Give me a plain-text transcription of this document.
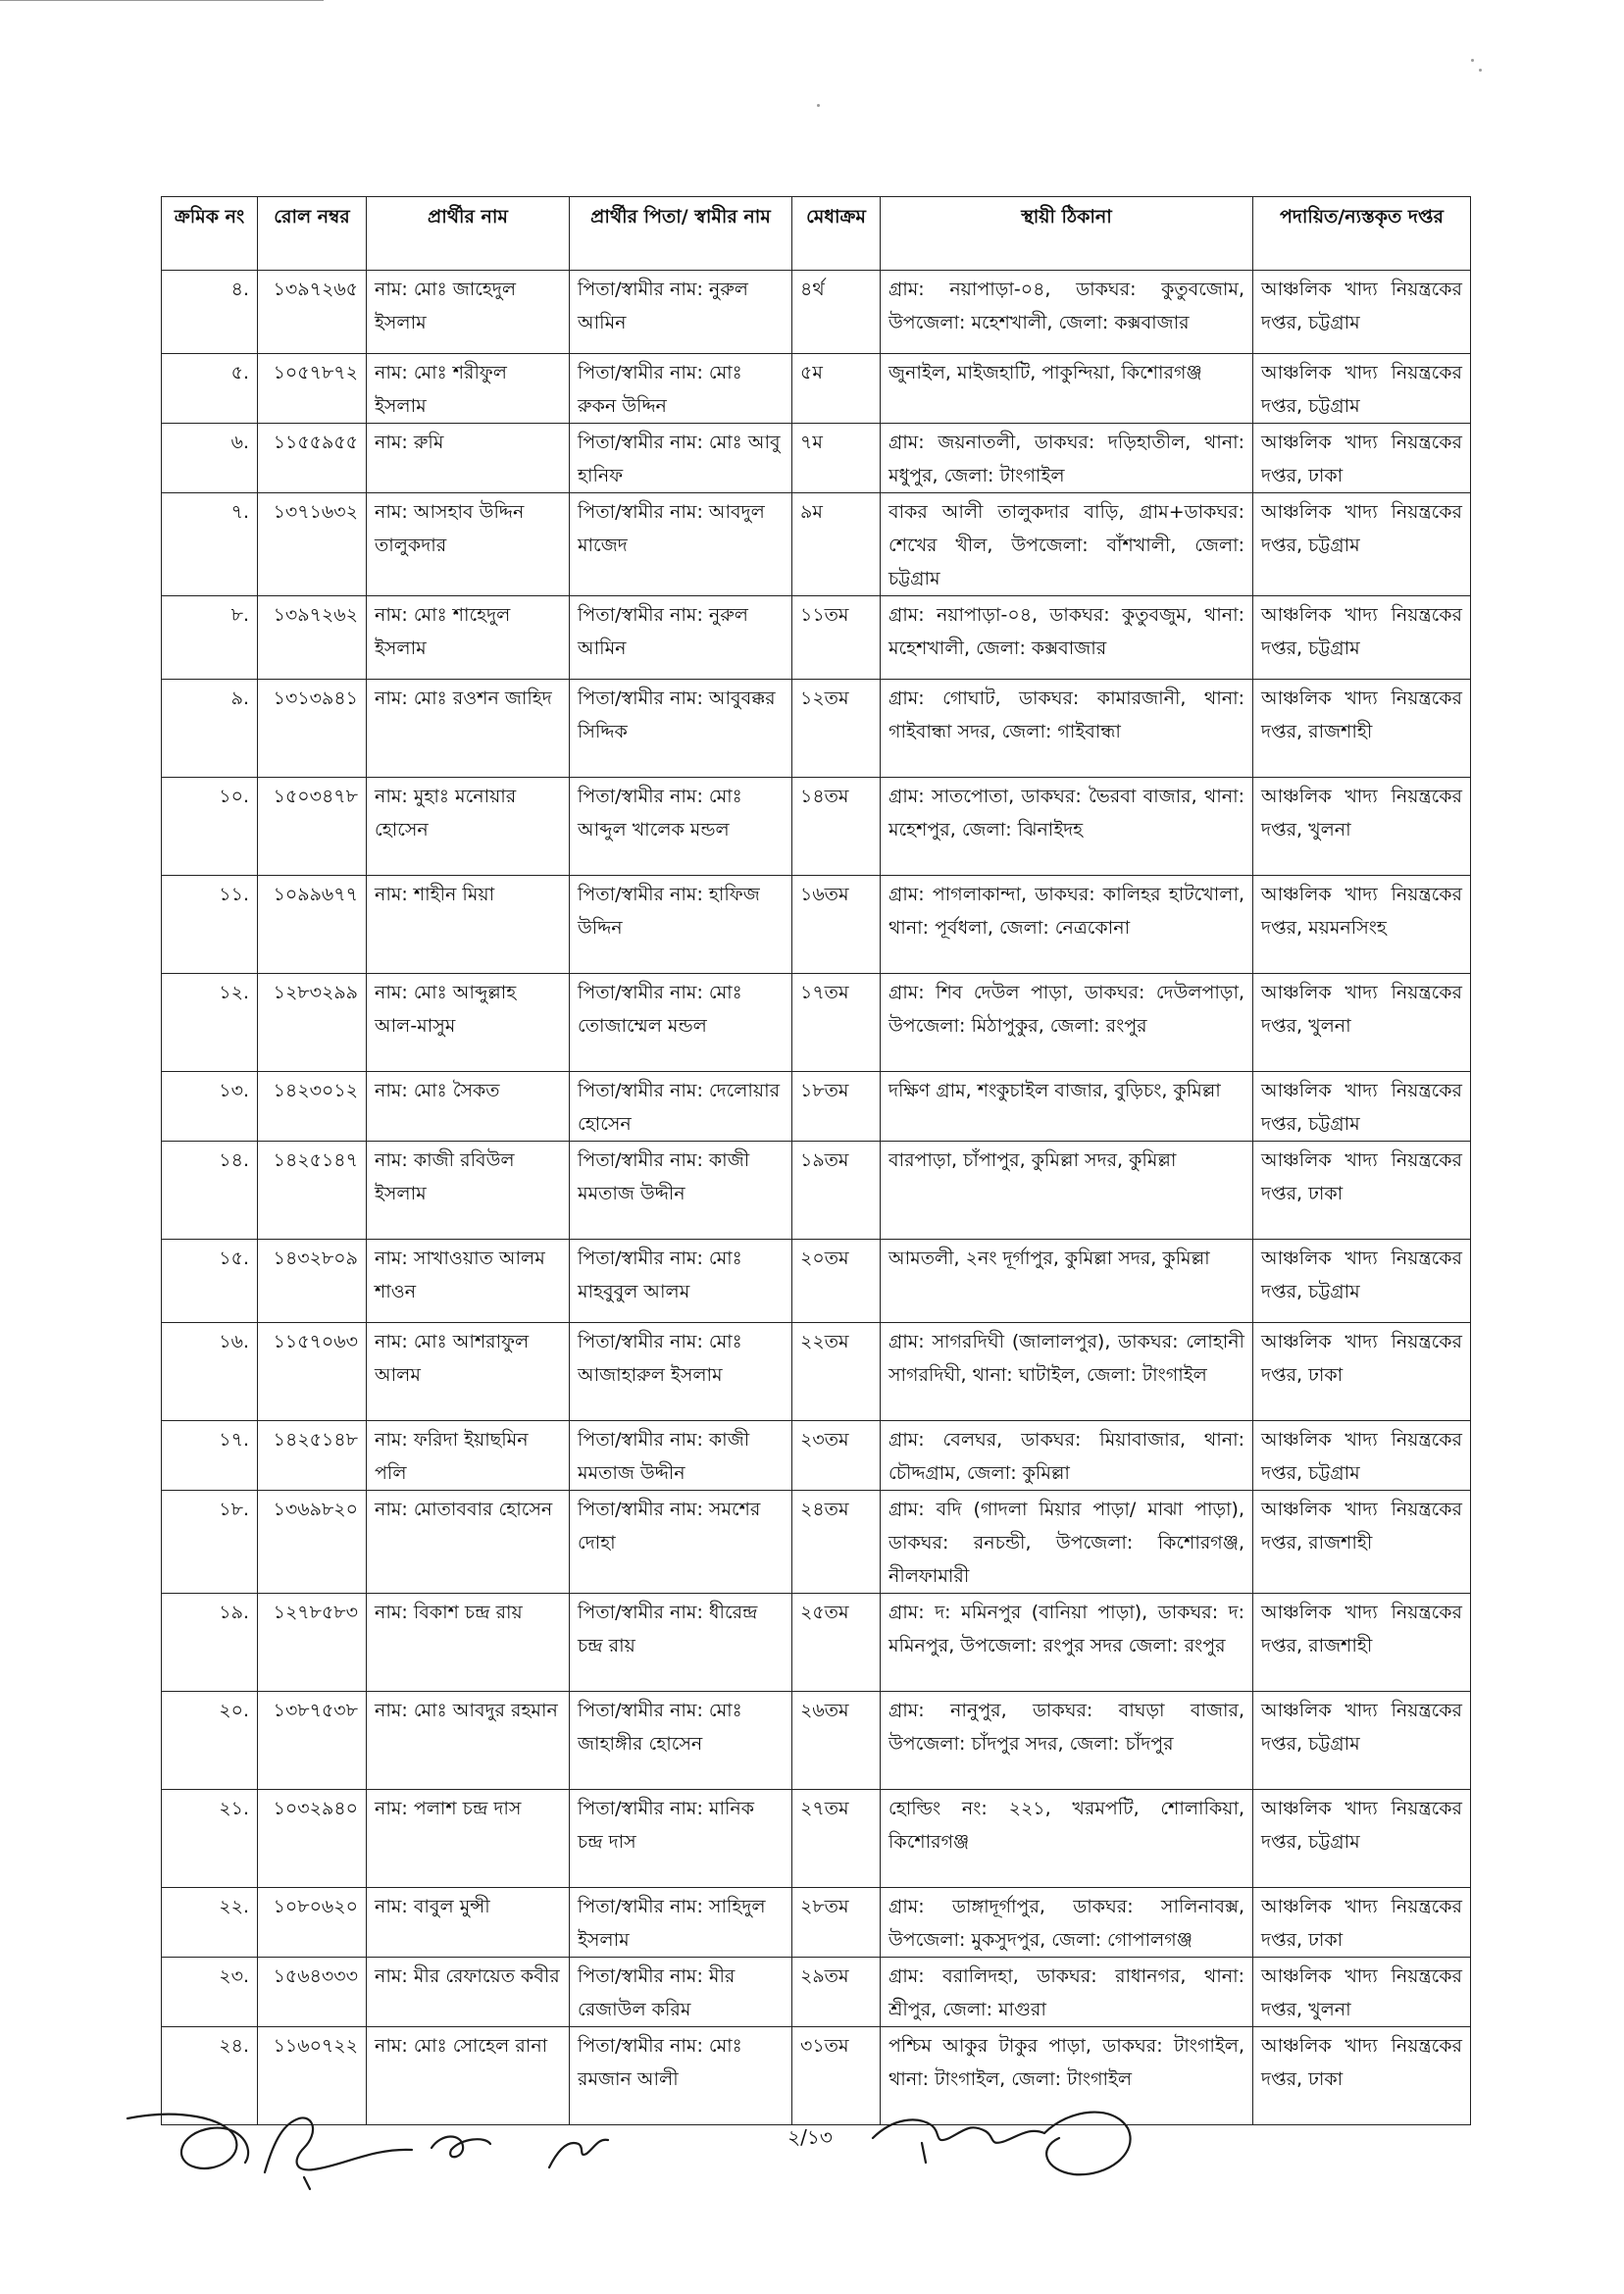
ক্রমিক নং	রোল নম্বর	প্রার্থীর নাম	প্রার্থীর পিতা/ স্বামীর নাম	মেধাক্রম	স্থায়ী ঠিকানা	পদায়িত/ন্যস্তকৃত দপ্তর
৪.	১৩৯৭২৬৫	নাম: মোঃ জাহেদুল ইসলাম	পিতা/স্বামীর নাম: নুরুল আমিন	৪র্থ	গ্রাম: নয়াপাড়া-০৪, ডাকঘর: কুতুবজোম, উপজেলা: মহেশখালী, জেলা: কক্সবাজার	আঞ্চলিক খাদ্য নিয়ন্ত্রকের দপ্তর, চট্টগ্রাম
৫.	১০৫৭৮৭২	নাম: মোঃ শরীফুল ইসলাম	পিতা/স্বামীর নাম: মোঃ রুকন উদ্দিন	৫ম	জুনাইল, মাইজহাটি, পাকুন্দিয়া, কিশোরগঞ্জ	আঞ্চলিক খাদ্য নিয়ন্ত্রকের দপ্তর, চট্টগ্রাম
৬.	১১৫৫৯৫৫	নাম: রুমি	পিতা/স্বামীর নাম: মোঃ আবু হানিফ	৭ম	গ্রাম: জয়নাতলী, ডাকঘর: দড়িহাতীল, থানা: মধুপুর, জেলা: টাংগাইল	আঞ্চলিক খাদ্য নিয়ন্ত্রকের দপ্তর, ঢাকা
৭.	১৩৭১৬৩২	নাম: আসহাব উদ্দিন তালুকদার	পিতা/স্বামীর নাম: আবদুল মাজেদ	৯ম	বাকর আলী তালুকদার বাড়ি, গ্রাম+ডাকঘর: শেখের খীল, উপজেলা: বাঁশখালী, জেলা: চট্টগ্রাম	আঞ্চলিক খাদ্য নিয়ন্ত্রকের দপ্তর, চট্টগ্রাম
৮.	১৩৯৭২৬২	নাম: মোঃ শাহেদুল ইসলাম	পিতা/স্বামীর নাম: নুরুল আমিন	১১তম	গ্রাম: নয়াপাড়া-০৪, ডাকঘর: কুতুবজুম, থানা: মহেশখালী, জেলা: কক্সবাজার	আঞ্চলিক খাদ্য নিয়ন্ত্রকের দপ্তর, চট্টগ্রাম
৯.	১৩১৩৯৪১	নাম: মোঃ রওশন জাহিদ	পিতা/স্বামীর নাম: আবুবক্কর সিদ্দিক	১২তম	গ্রাম: গোঘাট, ডাকঘর: কামারজানী, থানা: গাইবান্ধা সদর, জেলা: গাইবান্ধা	আঞ্চলিক খাদ্য নিয়ন্ত্রকের দপ্তর, রাজশাহী
১০.	১৫০৩৪৭৮	নাম: মুহাঃ মনোয়ার হোসেন	পিতা/স্বামীর নাম: মোঃ আব্দুল খালেক মন্ডল	১৪তম	গ্রাম: সাতপোতা, ডাকঘর: ভৈরবা বাজার, থানা: মহেশপুর, জেলা: ঝিনাইদহ	আঞ্চলিক খাদ্য নিয়ন্ত্রকের দপ্তর, খুলনা
১১.	১০৯৯৬৭৭	নাম: শাহীন মিয়া	পিতা/স্বামীর নাম: হাফিজ উদ্দিন	১৬তম	গ্রাম: পাগলাকান্দা, ডাকঘর: কালিহর হাটখোলা, থানা: পূর্বধলা, জেলা: নেত্রকোনা	আঞ্চলিক খাদ্য নিয়ন্ত্রকের দপ্তর, ময়মনসিংহ
১২.	১২৮৩২৯৯	নাম: মোঃ আব্দুল্লাহ আল-মাসুম	পিতা/স্বামীর নাম: মোঃ তোজাম্মেল মন্ডল	১৭তম	গ্রাম: শিব দেউল পাড়া, ডাকঘর: দেউলপাড়া, উপজেলা: মিঠাপুকুর, জেলা: রংপুর	আঞ্চলিক খাদ্য নিয়ন্ত্রকের দপ্তর, খুলনা
১৩.	১৪২৩০১২	নাম: মোঃ সৈকত	পিতা/স্বামীর নাম: দেলোয়ার হোসেন	১৮তম	দক্ষিণ গ্রাম, শংকুচাইল বাজার, বুড়িচং, কুমিল্লা	আঞ্চলিক খাদ্য নিয়ন্ত্রকের দপ্তর, চট্টগ্রাম
১৪.	১৪২৫১৪৭	নাম: কাজী রবিউল ইসলাম	পিতা/স্বামীর নাম: কাজী মমতাজ উদ্দীন	১৯তম	বারপাড়া, চাঁপাপুর, কুমিল্লা সদর, কুমিল্লা	আঞ্চলিক খাদ্য নিয়ন্ত্রকের দপ্তর, ঢাকা
১৫.	১৪৩২৮০৯	নাম: সাখাওয়াত আলম শাওন	পিতা/স্বামীর নাম: মোঃ মাহবুবুল আলম	২০তম	আমতলী, ২নং দূর্গাপুর, কুমিল্লা সদর, কুমিল্লা	আঞ্চলিক খাদ্য নিয়ন্ত্রকের দপ্তর, চট্টগ্রাম
১৬.	১১৫৭০৬৩	নাম: মোঃ আশরাফুল আলম	পিতা/স্বামীর নাম: মোঃ আজাহারুল ইসলাম	২২তম	গ্রাম: সাগরদিঘী (জালালপুর), ডাকঘর: লোহানী সাগরদিঘী, থানা: ঘাটাইল, জেলা: টাংগাইল	আঞ্চলিক খাদ্য নিয়ন্ত্রকের দপ্তর, ঢাকা
১৭.	১৪২৫১৪৮	নাম: ফরিদা ইয়াছমিন পলি	পিতা/স্বামীর নাম: কাজী মমতাজ উদ্দীন	২৩তম	গ্রাম: বেলঘর, ডাকঘর: মিয়াবাজার, থানা: চৌদ্দগ্রাম, জেলা: কুমিল্লা	আঞ্চলিক খাদ্য নিয়ন্ত্রকের দপ্তর, চট্টগ্রাম
১৮.	১৩৬৯৮২০	নাম: মোতাববার হোসেন	পিতা/স্বামীর নাম: সমশের দোহা	২৪তম	গ্রাম: বদি (গাদলা মিয়ার পাড়া/ মাঝা পাড়া), ডাকঘর: রনচন্ডী, উপজেলা: কিশোরগঞ্জ, নীলফামারী	আঞ্চলিক খাদ্য নিয়ন্ত্রকের দপ্তর, রাজশাহী
১৯.	১২৭৮৫৮৩	নাম: বিকাশ চন্দ্র রায়	পিতা/স্বামীর নাম: ধীরেন্দ্র চন্দ্র রায়	২৫তম	গ্রাম: দ: মমিনপুর (বানিয়া পাড়া), ডাকঘর: দ: মমিনপুর, উপজেলা: রংপুর সদর জেলা: রংপুর	আঞ্চলিক খাদ্য নিয়ন্ত্রকের দপ্তর, রাজশাহী
২০.	১৩৮৭৫৩৮	নাম: মোঃ আবদুর রহমান	পিতা/স্বামীর নাম: মোঃ জাহাঙ্গীর হোসেন	২৬তম	গ্রাম: নানুপুর, ডাকঘর: বাঘড়া বাজার, উপজেলা: চাঁদপুর সদর, জেলা: চাঁদপুর	আঞ্চলিক খাদ্য নিয়ন্ত্রকের দপ্তর, চট্টগ্রাম
২১.	১০৩২৯৪০	নাম: পলাশ চন্দ্র দাস	পিতা/স্বামীর নাম: মানিক চন্দ্র দাস	২৭তম	হোল্ডিং নং: ২২১, খরমপটি, শোলাকিয়া, কিশোরগঞ্জ	আঞ্চলিক খাদ্য নিয়ন্ত্রকের দপ্তর, চট্টগ্রাম
২২.	১০৮০৬২০	নাম: বাবুল মুন্সী	পিতা/স্বামীর নাম: সাহিদুল ইসলাম	২৮তম	গ্রাম: ডাঙ্গাদূর্গাপুর, ডাকঘর: সালিনাবক্স, উপজেলা: মুকসুদপুর, জেলা: গোপালগঞ্জ	আঞ্চলিক খাদ্য নিয়ন্ত্রকের দপ্তর, ঢাকা
২৩.	১৫৬৪৩৩৩	নাম: মীর রেফায়েত কবীর	পিতা/স্বামীর নাম: মীর রেজাউল করিম	২৯তম	গ্রাম: বরালিদহা, ডাকঘর: রাধানগর, থানা: শ্রীপুর, জেলা: মাগুরা	আঞ্চলিক খাদ্য নিয়ন্ত্রকের দপ্তর, খুলনা
২৪.	১১৬০৭২২	নাম: মোঃ সোহেল রানা	পিতা/স্বামীর নাম: মোঃ রমজান আলী	৩১তম	পশ্চিম আকুর টাকুর পাড়া, ডাকঘর: টাংগাইল, থানা: টাংগাইল, জেলা: টাংগাইল	আঞ্চলিক খাদ্য নিয়ন্ত্রকের দপ্তর, ঢাকা
২/১৩
